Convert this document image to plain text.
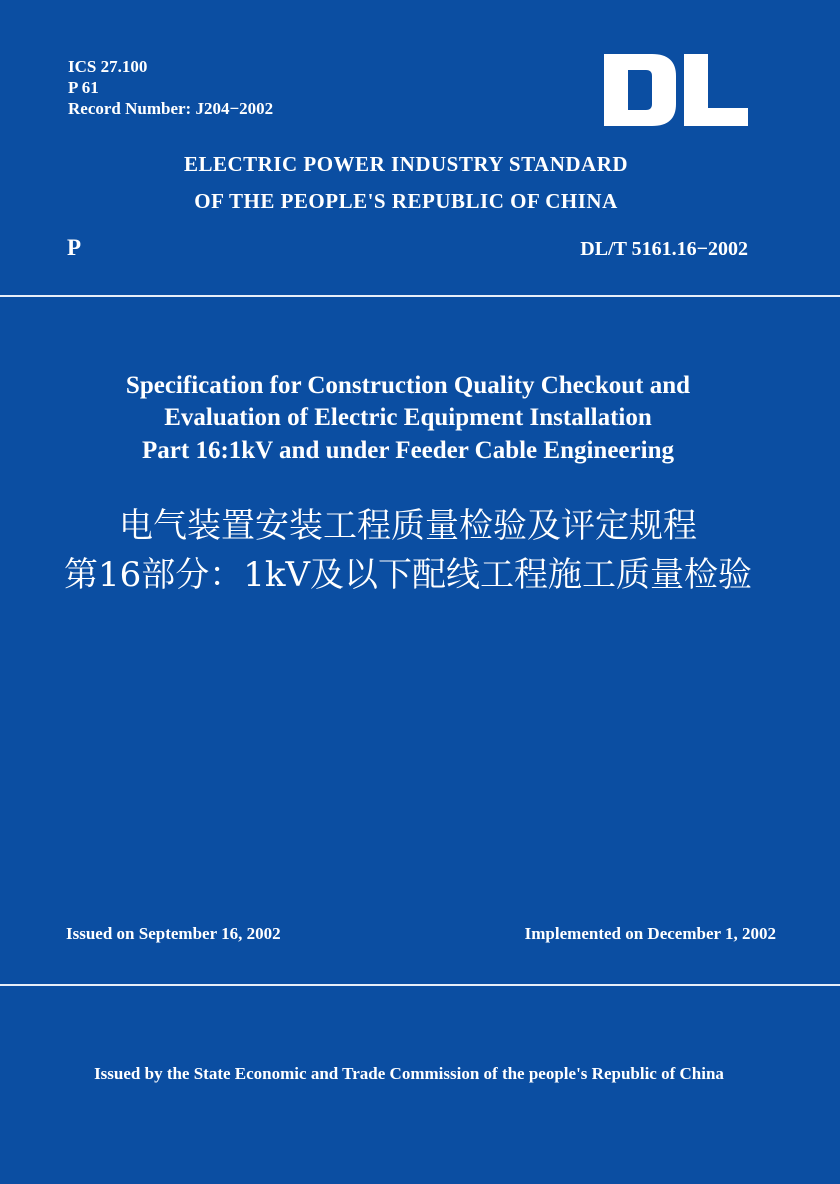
ICS 27.100
P 61
Record Number: J204−2002
ELECTRIC POWER INDUSTRY STANDARD
OF THE PEOPLE'S REPUBLIC OF CHINA
P	DL/T 5161.16−2002
Specification for Construction Quality Checkout and
Evaluation of Electric Equipment Installation
Part 16:1kV and under Feeder Cable Engineering
电气装置安装工程质量检验及评定规程
第16部分：1kV及以下配线工程施工质量检验
Issued on September 16, 2002	Implemented on December 1, 2002
Issued by the State Economic and Trade Commission of the people's Republic of China
